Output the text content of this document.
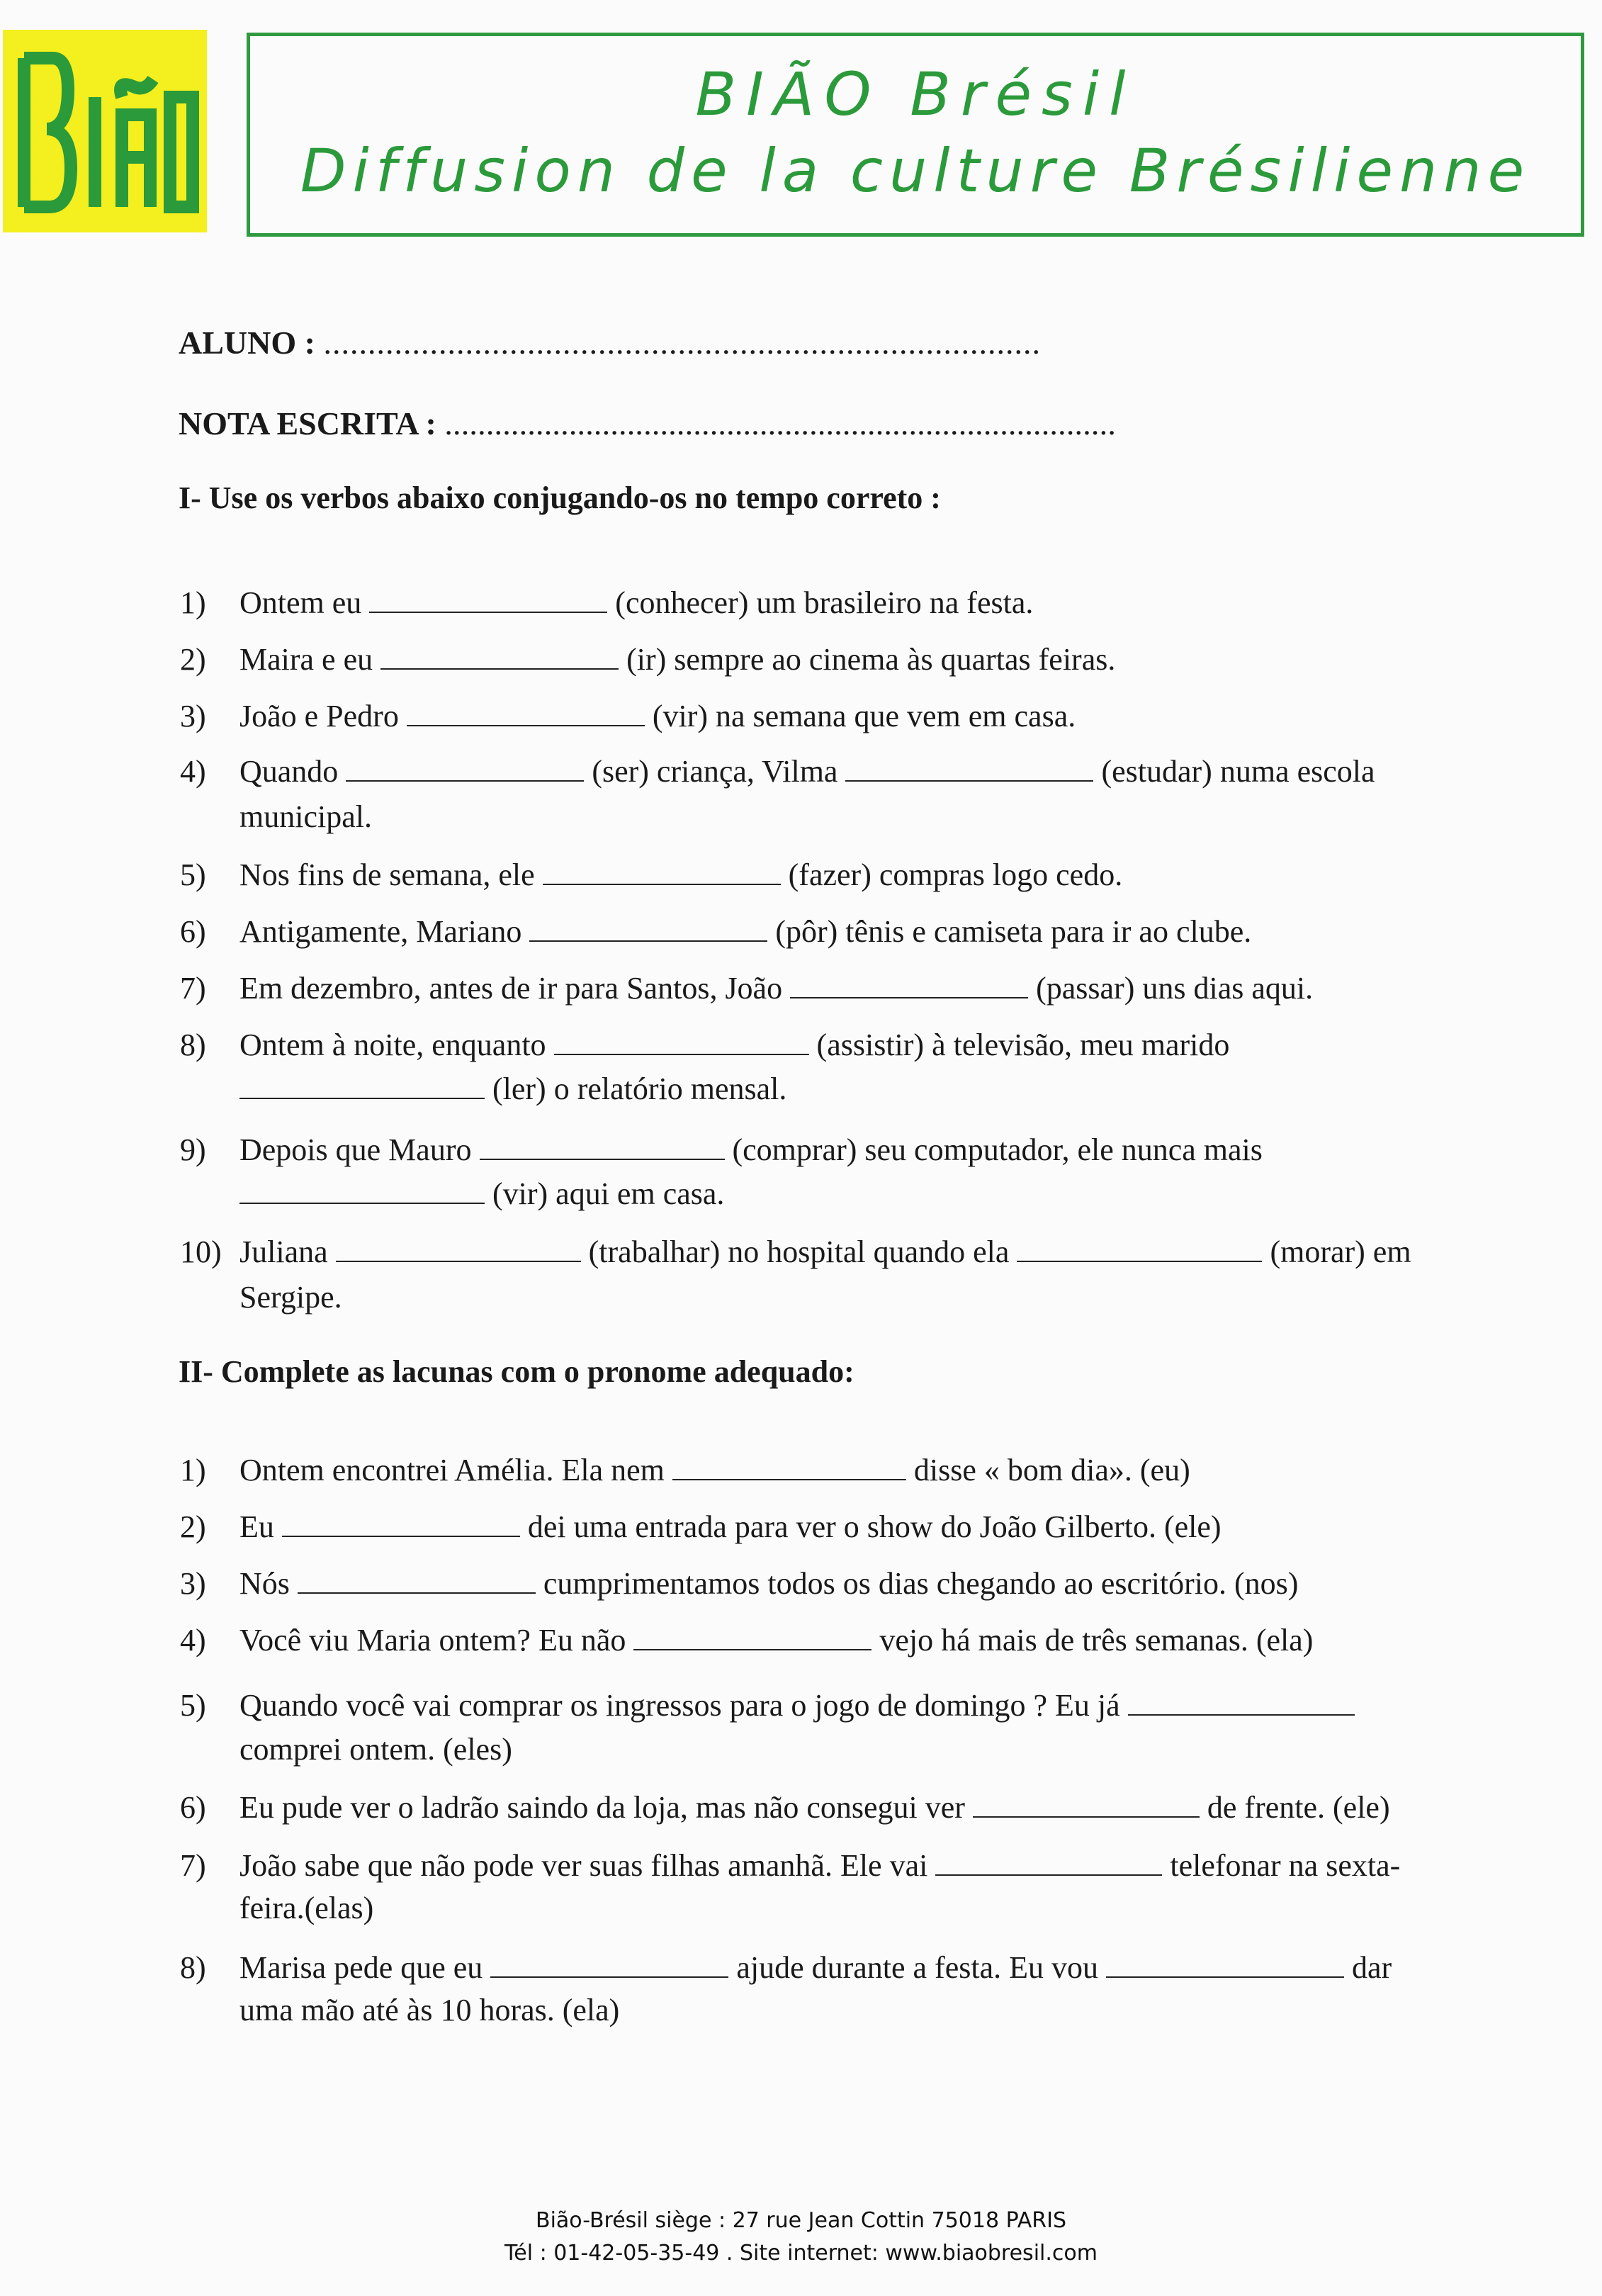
BIÃO Brésil
Diffusion de la culture Brésilienne
ALUNO : .................................................................................
NOTA ESCRITA : .................................................................................
I- Use os verbos abaixo conjugando-os no tempo correto :
1) Ontem eu	(conhecer) um brasileiro na festa.
2) Maira e eu	(ir) sempre ao cinema às quartas feiras.
3) João e Pedro	(vir) na semana que vem em casa.
4) Quando	(ser) criança, Vilma	(estudar) numa escola
municipal.
5) Nos fins de semana, ele	(fazer) compras logo cedo.
6) Antigamente, Mariano	(pôr) tênis e camiseta para ir ao clube.
7) Em dezembro, antes de ir para Santos, João	(passar) uns dias aqui.
8) Ontem à noite, enquanto	(assistir) à televisão, meu marido
(ler) o relatório mensal.
9) Depois que Mauro	(comprar) seu computador, ele nunca mais
(vir) aqui em casa.
10) Juliana	(trabalhar) no hospital quando ela	(morar) em
Sergipe.
II- Complete as lacunas com o pronome adequado:
1) Ontem encontrei Amélia. Ela nem	disse « bom dia». (eu)
2) Eu	dei uma entrada para ver o show do João Gilberto. (ele)
3) Nós	cumprimentamos todos os dias chegando ao escritório. (nos)
4) Você viu Maria ontem? Eu não	vejo há mais de três semanas. (ela)
5) Quando você vai comprar os ingressos para o jogo de domingo ? Eu já
comprei ontem. (eles)
6) Eu pude ver o ladrão saindo da loja, mas não consegui ver	de frente. (ele)
7) João sabe que não pode ver suas filhas amanhã. Ele vai	telefonar na sexta-
feira.(elas)
8) Marisa pede que eu	ajude durante a festa. Eu vou	dar
uma mão até às 10 horas. (ela)
Bião-Brésil siège : 27 rue Jean Cottin 75018 PARIS
Tél : 01-42-05-35-49 . Site internet: www.biaobresil.com
